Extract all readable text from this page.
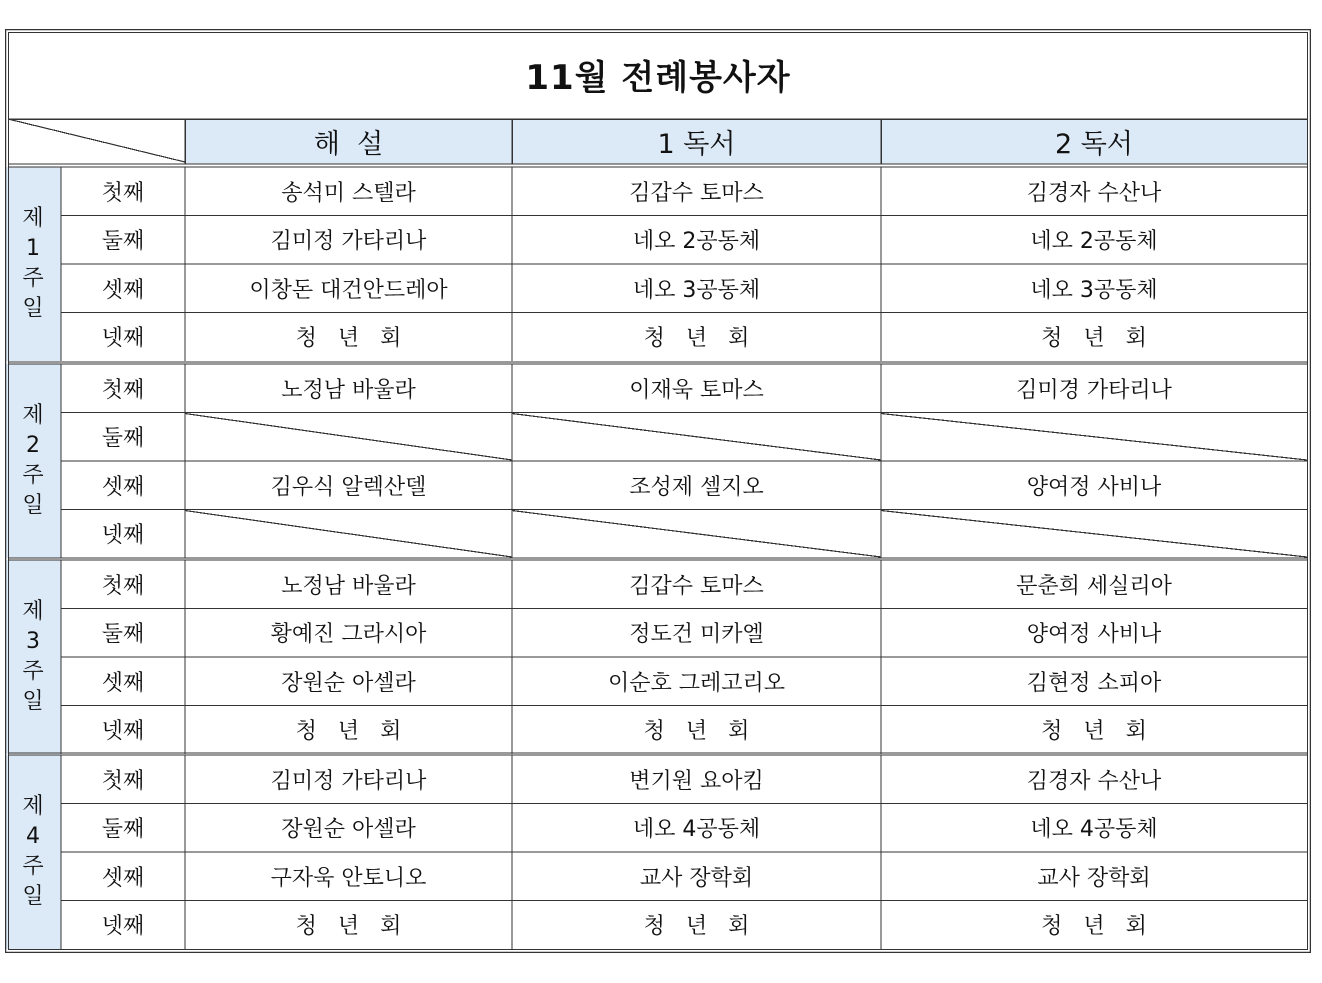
제
1
주
일
첫째	송석미 스텔라	김갑수 토마스	김경자 수산나
둘째	김미정 가타리나	네오 2공동체	네오 2공동체
셋째	이창돈 대건안드레아	네오 3공동체	네오 3공동체
넷째	청   년   회	청   년   회	청   년   회
제
2
주
일
첫째	노정남 바울라	이재욱 토마스	김미경 가타리나
둘째
셋째	김우식 알렉산델	조성제 셀지오	양여정 사비나
넷째
제
3
주
일
첫째	노정남 바울라	김갑수 토마스	문춘희 세실리아
둘째	황예진 그라시아	정도건 미카엘	양여정 사비나
셋째	장원순 아셀라	이순호 그레고리오	김현정 소피아
넷째	청   년   회	청   년   회	청   년   회
제
4
주
일
첫째	김미정 가타리나	변기원 요아킴	김경자 수산나
둘째	장원순 아셀라	네오 4공동체	네오 4공동체
셋째	구자욱 안토니오	교사 장학회	교사 장학회
넷째	청   년   회	청   년   회	청   년   회
11월 전례봉사자
해  설	1 독서	2 독서
